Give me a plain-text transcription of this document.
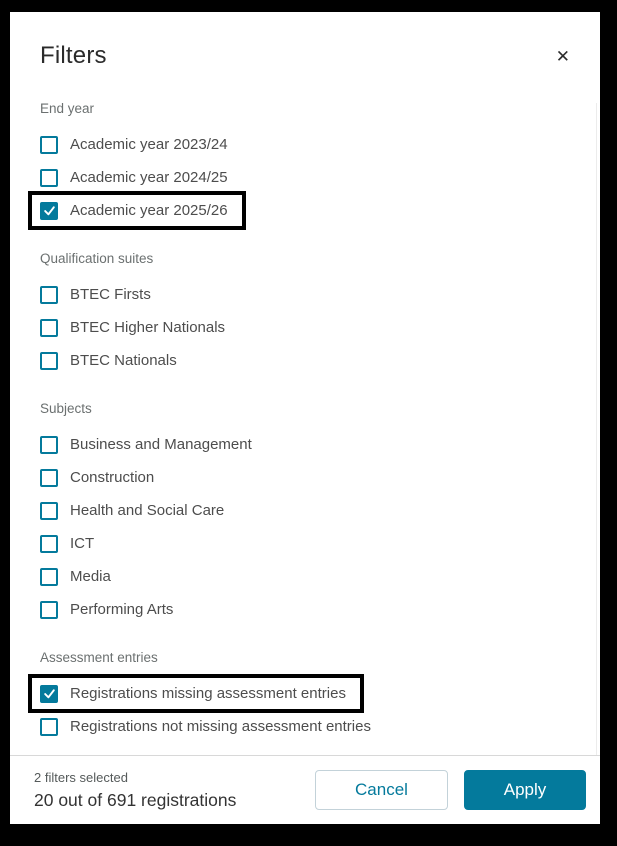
Filters	✕
End year
Academic year 2023/24
Academic year 2024/25
Academic year 2025/26
Qualification suites
BTEC Firsts
BTEC Higher Nationals
BTEC Nationals
Subjects
Business and Management
Construction
Health and Social Care
ICT
Media
Performing Arts
Assessment entries
Registrations missing assessment entries
Registrations not missing assessment entries
2 filters selected
20 out of 691 registrations	Cancel	Apply
